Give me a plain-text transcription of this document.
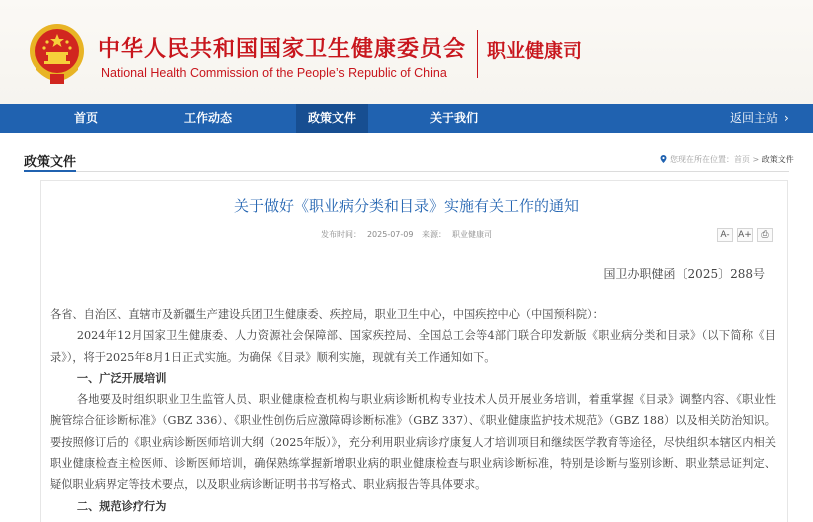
中华人民共和国国家卫生健康委员会
National Health Commission of the People’s Republic of China
职业健康司
首页	工作动态	政策文件	关于我们	返回主站 ›
政策文件	您现在所在位置：首页 > 政策文件
关于做好《职业病分类和目录》实施有关工作的通知
发布时间： 2025-07-09 来源： 职业健康司	A- A+	⎙
国卫办职健函〔2025〕288号

各省、自治区、直辖市及新疆生产建设兵团卫生健康委、疾控局，职业卫生中心，中国疾控中心（中国预科院）：

2024年12月国家卫生健康委、人力资源社会保障部、国家疾控局、全国总工会等4部门联合印发新版《职业病分类和目录》（以下简称《目录》），将于2025年8月1日正式实施。为确保《目录》顺利实施，现就有关工作通知如下。

一、广泛开展培训

各地要及时组织职业卫生监管人员、职业健康检查机构与职业病诊断机构专业技术人员开展业务培训，着重掌握《目录》调整内容、《职业性腕管综合征诊断标准》（GBZ 336）、《职业性创伤后应激障碍诊断标准》（GBZ 337）、《职业健康监护技术规范》（GBZ 188）以及相关防治知识。要按照修订后的《职业病诊断医师培训大纲（2025年版）》，充分利用职业病诊疗康复人才培训项目和继续医学教育等途径，尽快组织本辖区内相关职业健康检查主检医师、诊断医师培训，确保熟练掌握新增职业病的职业健康检查与职业病诊断标准，特别是诊断与鉴别诊断、职业禁忌证判定、疑似职业病界定等技术要点，以及职业病诊断证明书书写格式、职业病报告等具体要求。

二、规范诊疗行为
